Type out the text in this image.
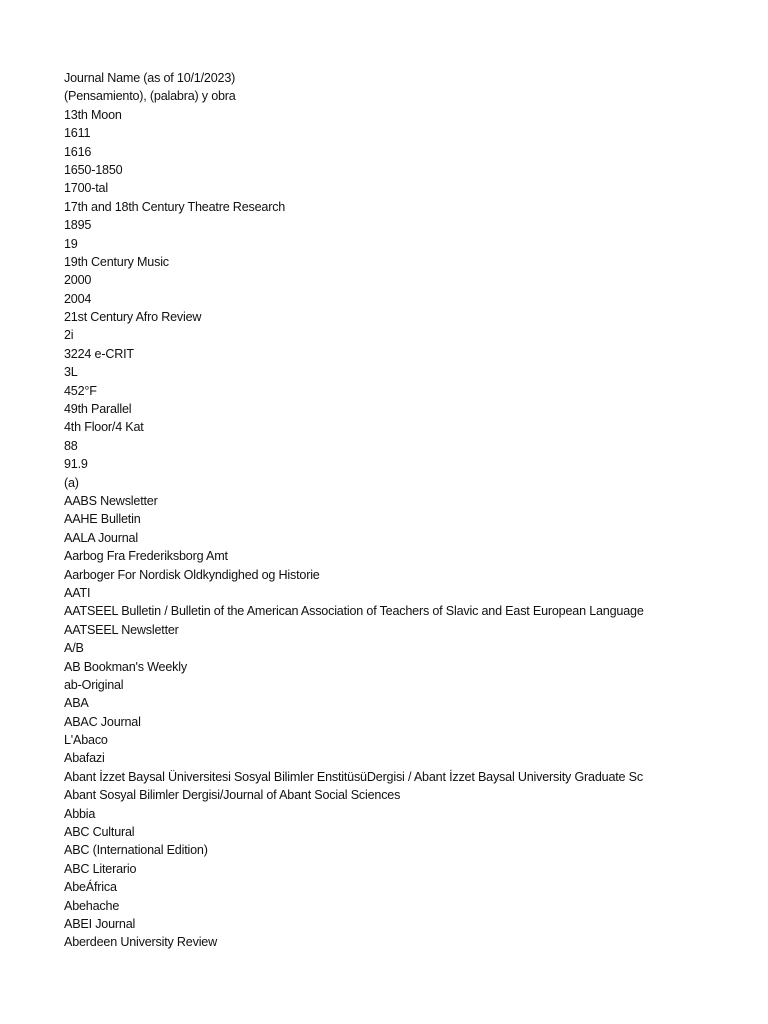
Journal Name (as of 10/1/2023)
(Pensamiento), (palabra) y obra
13th Moon
1611
1616
1650-1850
1700-tal
17th and 18th Century Theatre Research
1895
19
19th Century Music
2000
2004
21st Century Afro Review
2i
3224 e-CRIT
3L
452°F
49th Parallel
4th Floor/4 Kat
88
91.9
(a)
AABS Newsletter
AAHE Bulletin
AALA Journal
Aarbog Fra Frederiksborg Amt
Aarboger For Nordisk Oldkyndighed og Historie
AATI
AATSEEL Bulletin / Bulletin of the American Association of Teachers of Slavic and East European Language
AATSEEL Newsletter
A/B
AB Bookman's Weekly
ab-Original
ABA
ABAC Journal
L'Abaco
Abafazi
Abant İzzet Baysal Üniversitesi Sosyal Bilimler EnstitüsüDergisi / Abant İzzet Baysal University Graduate Sc
Abant Sosyal Bilimler Dergisi/Journal of Abant Social Sciences
Abbia
ABC Cultural
ABC (International Edition)
ABC Literario
AbeÁfrica
Abehache
ABEI Journal
Aberdeen University Review
